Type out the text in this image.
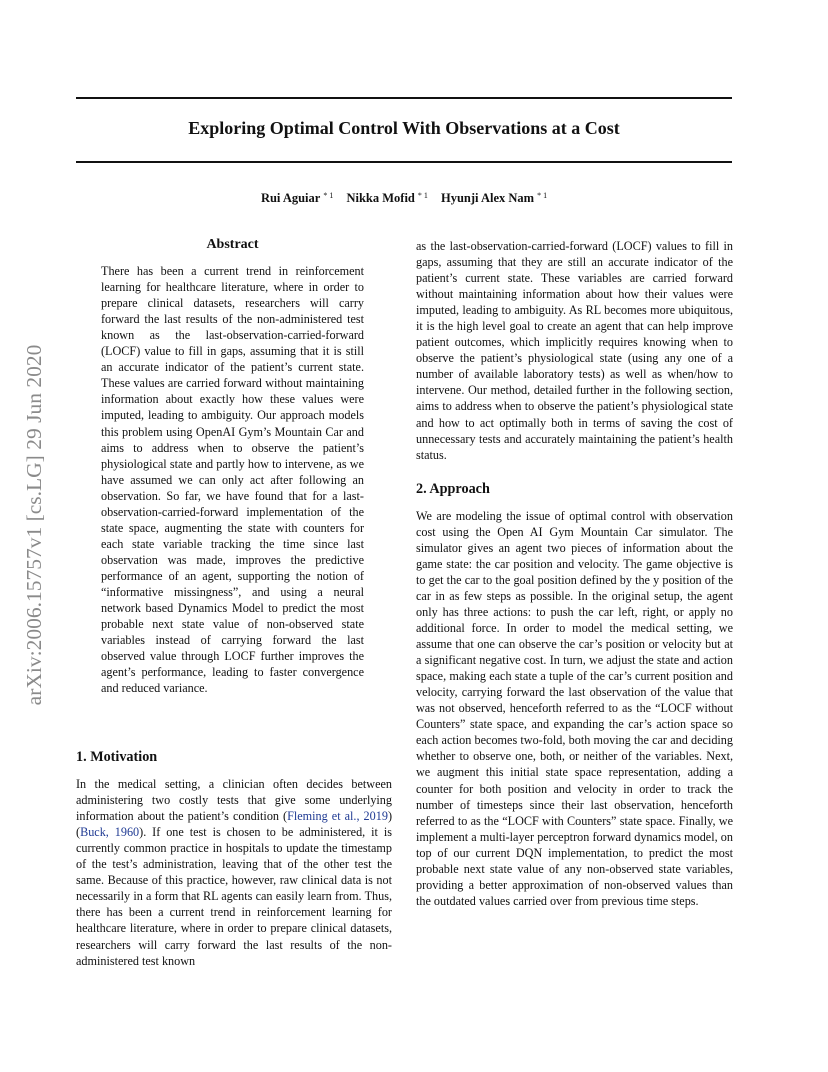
Exploring Optimal Control With Observations at a Cost
Rui Aguiar $^{* 1}$ Nikka Mofid $^{* 1}$ Hyunji Alex Nam $^{* 1}$
arXiv:2006.15757v1 [cs.LG] 29 Jun 2020
Abstract

There has been a current trend in reinforcement learning for healthcare literature, where in order to prepare clinical datasets, researchers will carry forward the last results of the non-administered test known as the last-observation-carried-forward (LOCF) value to fill in gaps, assuming that it is still an accurate indicator of the patient’s current state. These values are carried forward without maintaining information about exactly how these values were imputed, leading to ambiguity. Our approach models this problem using OpenAI Gym’s Mountain Car and aims to address when to observe the patient’s physiological state and partly how to intervene, as we have assumed we can only act after following an observation. So far, we have found that for a last-observation-carried-forward implementation of the state space, augmenting the state with counters for each state variable tracking the time since last observation was made, improves the predictive performance of an agent, supporting the notion of “informative missingness”, and using a neural network based Dynamics Model to predict the most probable next state value of non-observed state variables instead of carrying forward the last observed value through LOCF further improves the agent’s performance, leading to faster convergence and reduced variance.

1. Motivation

In the medical setting, a clinician often decides between administering two costly tests that give some underlying information about the patient’s condition (Fleming et al., 2019) (Buck, 1960). If one test is chosen to be administered, it is currently common practice in hospitals to update the timestamp of the test’s administration, leaving that of the other test the same. Because of this practice, however, raw clinical data is not necessarily in a form that RL agents can easily learn from. Thus, there has been a current trend in reinforcement learning for healthcare literature, where in order to prepare clinical datasets, researchers will carry forward the last results of the non-administered test known

as the last-observation-carried-forward (LOCF) values to fill in gaps, assuming that they are still an accurate indicator of the patient’s current state. These variables are carried forward without maintaining information about how their values were imputed, leading to ambiguity. As RL becomes more ubiquitous, it is the high level goal to create an agent that can help improve patient outcomes, which implicitly requires knowing when to observe the patient’s physiological state (using any one of a number of available laboratory tests) as well as when/how to intervene. Our method, detailed further in the following section, aims to address when to observe the patient’s physiological state and how to act optimally both in terms of saving the cost of unnecessary tests and accurately maintaining the patient’s health status.

2. Approach

We are modeling the issue of optimal control with observation cost using the Open AI Gym Mountain Car simulator. The simulator gives an agent two pieces of information about the game state: the car position and velocity. The game objective is to get the car to the goal position defined by the y position of the car in as few steps as possible. In the original setup, the agent only has three actions: to push the car left, right, or apply no additional force. In order to model the medical setting, we assume that one can observe the car’s position or velocity but at a significant negative cost. In turn, we adjust the state and action space, making each state a tuple of the car’s current position and velocity, carrying forward the last observation of the value that was not observed, henceforth referred to as the “LOCF without Counters” state space, and expanding the car’s action space so each action becomes two-fold, both moving the car and deciding whether to observe one, both, or neither of the variables. Next, we augment this initial state space representation, adding a counter for both position and velocity in order to track the number of timesteps since their last observation, henceforth referred to as the “LOCF with Counters” state space. Finally, we implement a multi-layer perceptron forward dynamics model, on top of our current DQN implementation, to predict the most probable next state value of any non-observed state variables, providing a better approximation of non-observed values than the outdated values carried over from previous time steps.
